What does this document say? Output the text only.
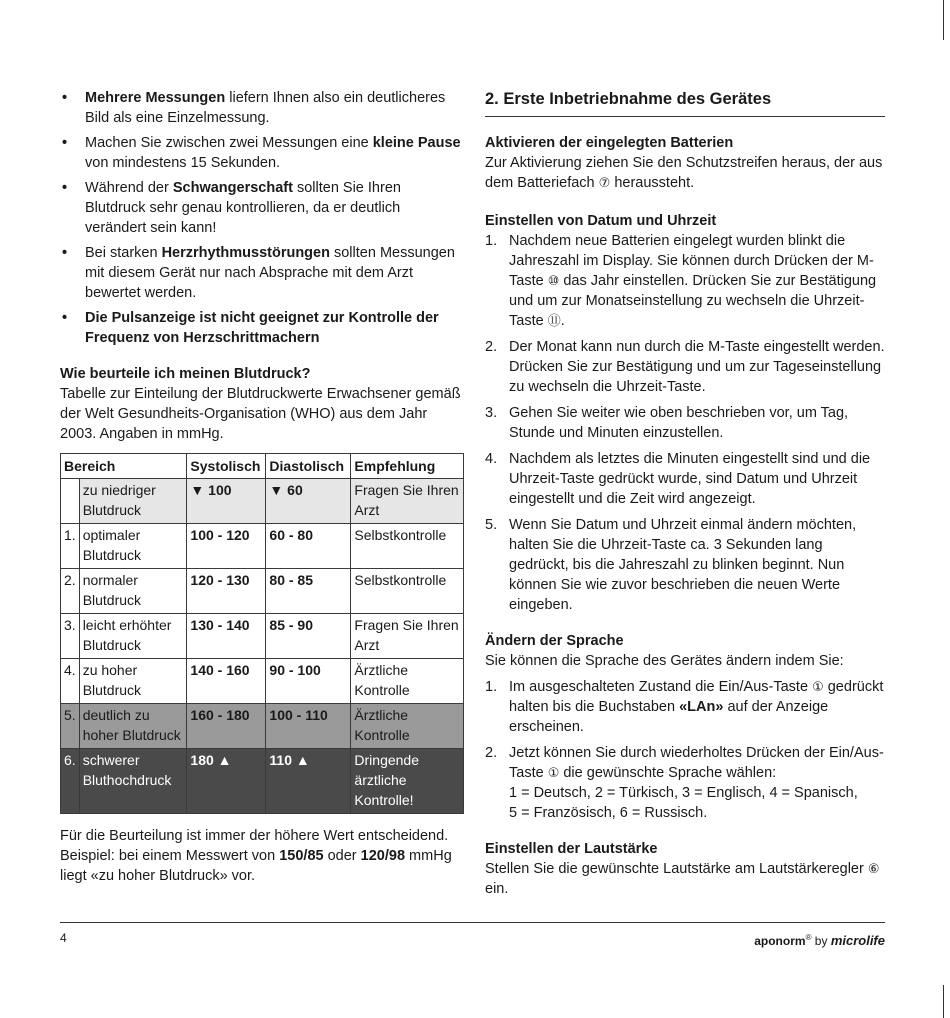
• Mehrere Messungen liefern Ihnen also ein deutlicheres Bild als eine Einzelmessung.
• Machen Sie zwischen zwei Messungen eine kleine Pause von mindestens 15 Sekunden.
• Während der Schwangerschaft sollten Sie Ihren Blutdruck sehr genau kontrollieren, da er deutlich verändert sein kann!
• Bei starken Herzrhythmusstörungen sollten Messungen mit diesem Gerät nur nach Absprache mit dem Arzt bewertet werden.
• Die Pulsanzeige ist nicht geeignet zur Kontrolle der Frequenz von Herzschrittmachern
Wie beurteile ich meinen Blutdruck?

Tabelle zur Einteilung der Blutdruckwerte Erwachsener gemäß der Welt Gesundheits-Organisation (WHO) aus dem Jahr 2003. Angaben in mmHg.

Bereich		Systolisch	Diastolisch	Empfehlung
	zu niedriger Blutdruck	▼ 100	▼ 60	Fragen Sie Ihren Arzt
1.	optimaler Blutdruck	100 - 120	60 - 80	Selbstkontrolle
2.	normaler Blutdruck	120 - 130	80 - 85	Selbstkontrolle
3.	leicht erhöhter Blutdruck	130 - 140	85 - 90	Fragen Sie Ihren Arzt
4.	zu hoher Blutdruck	140 - 160	90 - 100	Ärztliche Kontrolle
5.	deutlich zu hoher Blutdruck	160 - 180	100 - 110	Ärztliche Kontrolle
6.	schwerer Bluthochdruck	180 ▲	110 ▲	Dringende ärztliche Kontrolle!

Für die Beurteilung ist immer der höhere Wert entscheidend. Beispiel: bei einem Messwert von 150/85 oder 120/98 mmHg liegt «zu hoher Blutdruck» vor.

2. Erste Inbetriebnahme des Gerätes
Aktivieren der eingelegten Batterien

Zur Aktivierung ziehen Sie den Schutzstreifen heraus, der aus dem Batteriefach ⑦ heraussteht.

Einstellen von Datum und Uhrzeit
1. Nachdem neue Batterien eingelegt wurden blinkt die Jahreszahl im Display. Sie können durch Drücken der M-Taste ⑩ das Jahr einstellen. Drücken Sie zur Bestätigung und um zur Monatseinstellung zu wechseln die Uhrzeit-Taste ⑪.
2. Der Monat kann nun durch die M-Taste eingestellt werden. Drücken Sie zur Bestätigung und um zur Tageseinstellung zu wechseln die Uhrzeit-Taste.
3. Gehen Sie weiter wie oben beschrieben vor, um Tag, Stunde und Minuten einzustellen.
4. Nachdem als letztes die Minuten eingestellt sind und die Uhrzeit-Taste gedrückt wurde, sind Datum und Uhrzeit eingestellt und die Zeit wird angezeigt.
5. Wenn Sie Datum und Uhrzeit einmal ändern möchten, halten Sie die Uhrzeit-Taste ca. 3 Sekunden lang gedrückt, bis die Jahreszahl zu blinken beginnt. Nun können Sie wie zuvor beschrieben die neuen Werte eingeben.
Ändern der Sprache

Sie können die Sprache des Gerätes ändern indem Sie:

1. Im ausgeschalteten Zustand die Ein/Aus-Taste ① gedrückt halten bis die Buchstaben «LAn» auf der Anzeige erscheinen.
2. Jetzt können Sie durch wiederholtes Drücken der Ein/Aus-Taste ① die gewünschte Sprache wählen:
1 = Deutsch, 2 = Türkisch, 3 = Englisch, 4 = Spanisch,
5 = Französisch, 6 = Russisch.
Einstellen der Lautstärke

Stellen Sie die gewünschte Lautstärke am Lautstärkeregler ⑥ ein.

4	aponorm® by microlife
